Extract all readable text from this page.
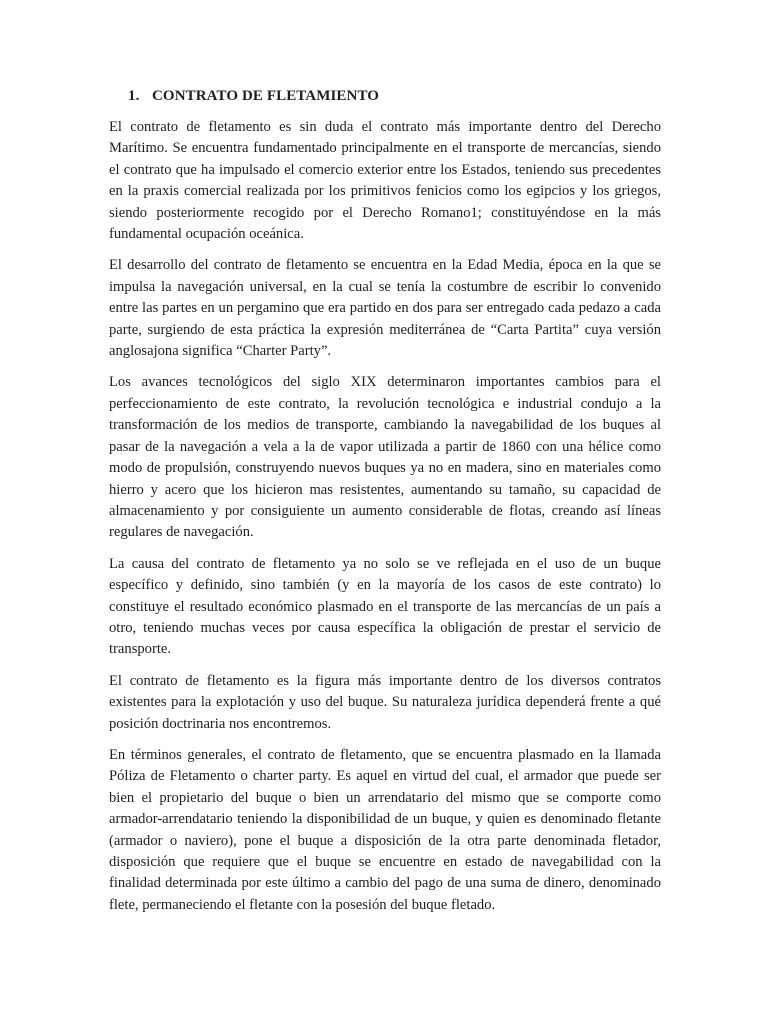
1. CONTRATO DE FLETAMIENTO

El contrato de fletamento es sin duda el contrato más importante dentro del Derecho Marítimo. Se encuentra fundamentado principalmente en el transporte de mercancías, siendo el contrato que ha impulsado el comercio exterior entre los Estados, teniendo sus precedentes en la praxis comercial realizada por los primitivos fenicios como los egipcios y los griegos, siendo posteriormente recogido por el Derecho Romano1; constituyéndose en la más fundamental ocupación oceánica.

El desarrollo del contrato de fletamento se encuentra en la Edad Media, época en la que se impulsa la navegación universal, en la cual se tenía la costumbre de escribir lo convenido entre las partes en un pergamino que era partido en dos para ser entregado cada pedazo a cada parte, surgiendo de esta práctica la expresión mediterránea de “Carta Partita” cuya versión anglosajona significa “Charter Party”.

Los avances tecnológicos del siglo XIX determinaron importantes cambios para el perfeccionamiento de este contrato, la revolución tecnológica e industrial condujo a la transformación de los medios de transporte, cambiando la navegabilidad de los buques al pasar de la navegación a vela a la de vapor utilizada a partir de 1860 con una hélice como modo de propulsión, construyendo nuevos buques ya no en madera, sino en materiales como hierro y acero que los hicieron mas resistentes, aumentando su tamaño, su capacidad de almacenamiento y por consiguiente un aumento considerable de flotas, creando así líneas regulares de navegación.

La causa del contrato de fletamento ya no solo se ve reflejada en el uso de un buque específico y definido, sino también (y en la mayoría de los casos de este contrato) lo constituye el resultado económico plasmado en el transporte de las mercancías de un país a otro, teniendo muchas veces por causa específica la obligación de prestar el servicio de transporte.

El contrato de fletamento es la figura más importante dentro de los diversos contratos existentes para la explotación y uso del buque. Su naturaleza jurídica dependerá frente a qué posición doctrinaria nos encontremos.

En términos generales, el contrato de fletamento, que se encuentra plasmado en la llamada Póliza de Fletamento o charter party. Es aquel en virtud del cual, el armador que puede ser bien el propietario del buque o bien un arrendatario del mismo que se comporte como armador-arrendatario teniendo la disponibilidad de un buque, y quien es denominado fletante (armador o naviero), pone el buque a disposición de la otra parte denominada fletador, disposición que requiere que el buque se encuentre en estado de navegabilidad con la finalidad determinada por este último a cambio del pago de una suma de dinero, denominado flete, permaneciendo el fletante con la posesión del buque fletado.
